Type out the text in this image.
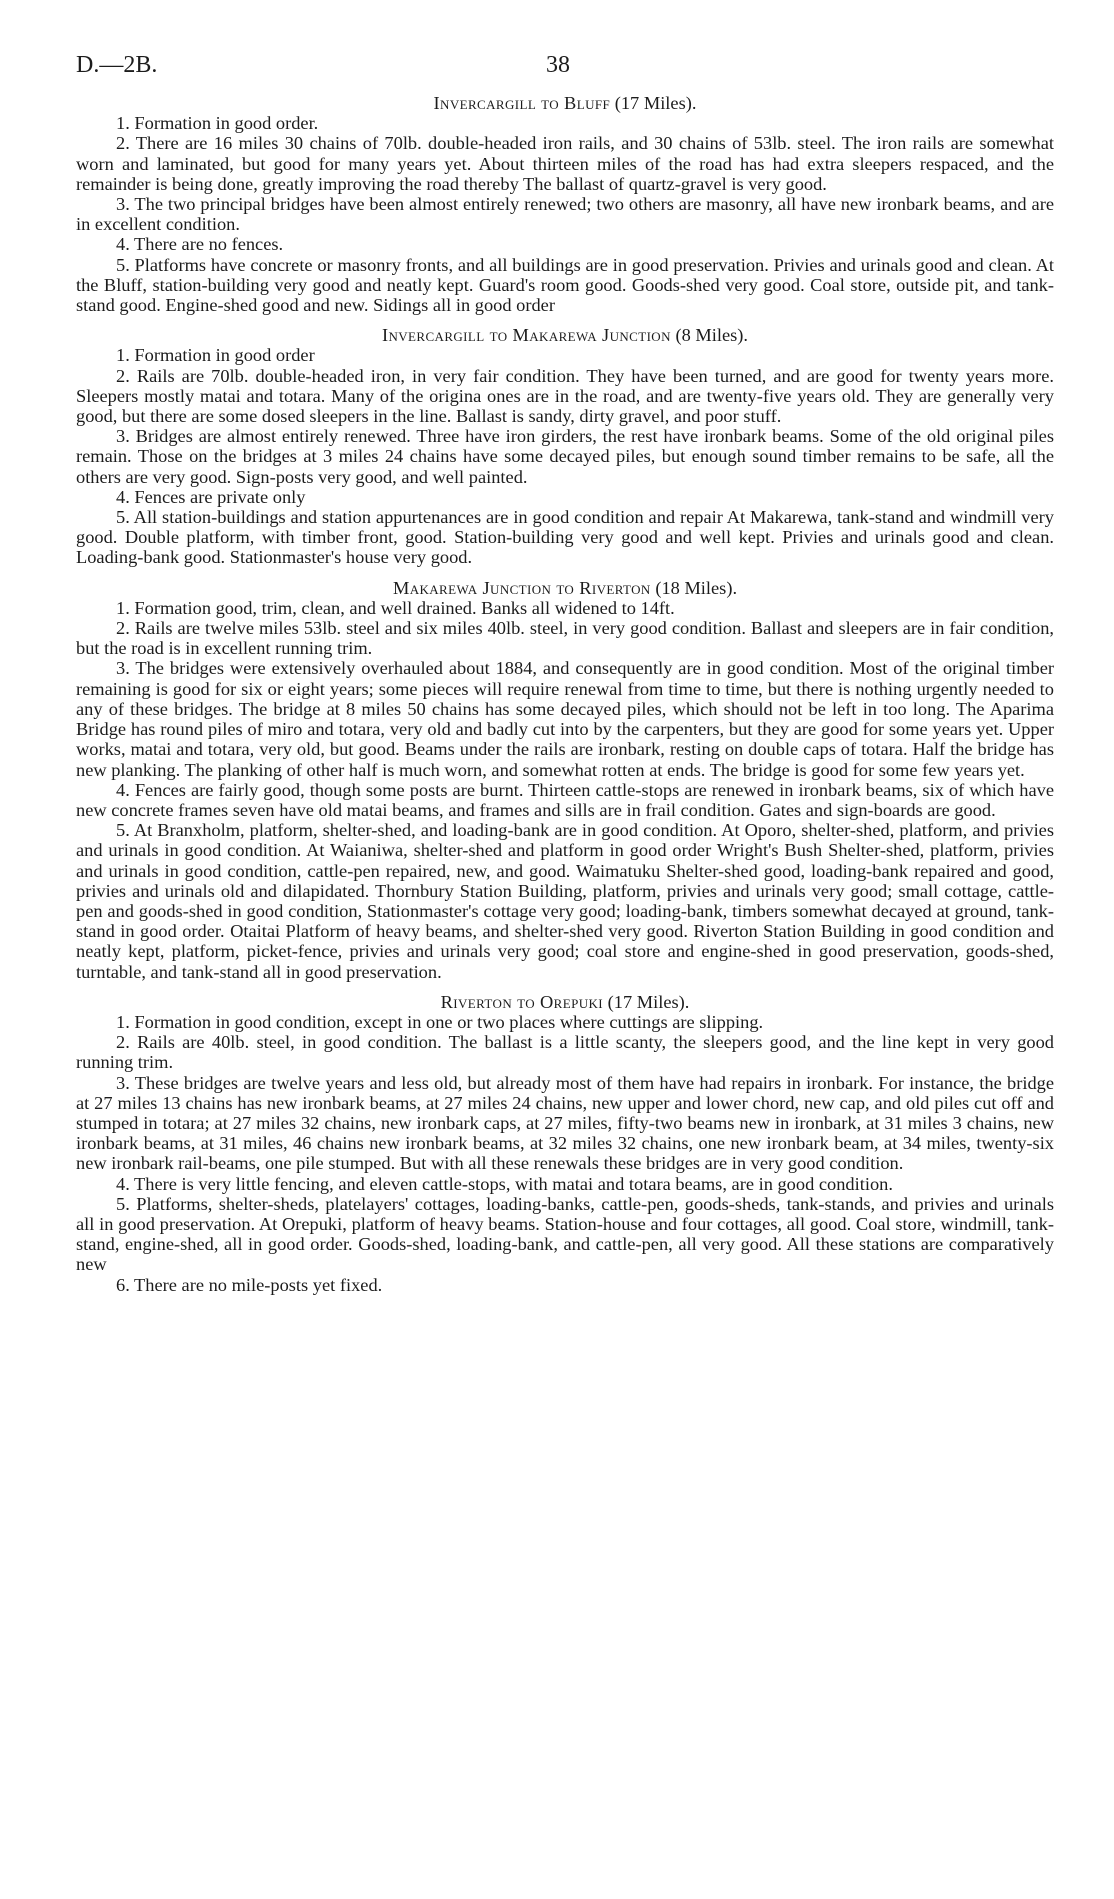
D.—2B.	38
Invercargill to Bluff (17 Miles).

1. Formation in good order.

2. There are 16 miles 30 chains of 70lb. double-headed iron rails, and 30 chains of 53lb. steel. The iron rails are somewhat worn and laminated, but good for many years yet. About thirteen miles of the road has had extra sleepers respaced, and the remainder is being done, greatly improving the road thereby The ballast of quartz-gravel is very good.

3. The two principal bridges have been almost entirely renewed; two others are masonry, all have new ironbark beams, and are in excellent condition.

4. There are no fences.

5. Platforms have concrete or masonry fronts, and all buildings are in good preservation. Privies and urinals good and clean. At the Bluff, station-building very good and neatly kept. Guard's room good. Goods-shed very good. Coal store, outside pit, and tank-stand good. Engine-shed good and new. Sidings all in good order

Invercargill to Makarewa Junction (8 Miles).

1. Formation in good order

2. Rails are 70lb. double-headed iron, in very fair condition. They have been turned, and are good for twenty years more. Sleepers mostly matai and totara. Many of the origina ones are in the road, and are twenty-five years old. They are generally very good, but there are some dosed sleepers in the line. Ballast is sandy, dirty gravel, and poor stuff.

3. Bridges are almost entirely renewed. Three have iron girders, the rest have ironbark beams. Some of the old original piles remain. Those on the bridges at 3 miles 24 chains have some decayed piles, but enough sound timber remains to be safe, all the others are very good. Sign-posts very good, and well painted.

4. Fences are private only

5. All station-buildings and station appurtenances are in good condition and repair At Makarewa, tank-stand and windmill very good. Double platform, with timber front, good. Station-building very good and well kept. Privies and urinals good and clean. Loading-bank good. Stationmaster's house very good.

Makarewa Junction to Riverton (18 Miles).

1. Formation good, trim, clean, and well drained. Banks all widened to 14ft.

2. Rails are twelve miles 53lb. steel and six miles 40lb. steel, in very good condition. Ballast and sleepers are in fair condition, but the road is in excellent running trim.

3. The bridges were extensively overhauled about 1884, and consequently are in good condition. Most of the original timber remaining is good for six or eight years; some pieces will require renewal from time to time, but there is nothing urgently needed to any of these bridges. The bridge at 8 miles 50 chains has some decayed piles, which should not be left in too long. The Aparima Bridge has round piles of miro and totara, very old and badly cut into by the carpenters, but they are good for some years yet. Upper works, matai and totara, very old, but good. Beams under the rails are ironbark, resting on double caps of totara. Half the bridge has new planking. The planking of other half is much worn, and somewhat rotten at ends. The bridge is good for some few years yet.

4. Fences are fairly good, though some posts are burnt. Thirteen cattle-stops are renewed in ironbark beams, six of which have new concrete frames seven have old matai beams, and frames and sills are in frail condition. Gates and sign-boards are good.

5. At Branxholm, platform, shelter-shed, and loading-bank are in good condition. At Oporo, shelter-shed, platform, and privies and urinals in good condition. At Waianiwa, shelter-shed and platform in good order Wright's Bush Shelter-shed, platform, privies and urinals in good condition, cattle-pen repaired, new, and good. Waimatuku Shelter-shed good, loading-bank repaired and good, privies and urinals old and dilapidated. Thornbury Station Building, platform, privies and urinals very good; small cottage, cattle-pen and goods-shed in good condition, Stationmaster's cottage very good; loading-bank, timbers somewhat decayed at ground, tank-stand in good order. Otaitai Platform of heavy beams, and shelter-shed very good. Riverton Station Building in good condition and neatly kept, platform, picket-fence, privies and urinals very good; coal store and engine-shed in good preservation, goods-shed, turntable, and tank-stand all in good preservation.

Riverton to Orepuki (17 Miles).

1. Formation in good condition, except in one or two places where cuttings are slipping.

2. Rails are 40lb. steel, in good condition. The ballast is a little scanty, the sleepers good, and the line kept in very good running trim.

3. These bridges are twelve years and less old, but already most of them have had repairs in ironbark. For instance, the bridge at 27 miles 13 chains has new ironbark beams, at 27 miles 24 chains, new upper and lower chord, new cap, and old piles cut off and stumped in totara; at 27 miles 32 chains, new ironbark caps, at 27 miles, fifty-two beams new in ironbark, at 31 miles 3 chains, new ironbark beams, at 31 miles, 46 chains new ironbark beams, at 32 miles 32 chains, one new ironbark beam, at 34 miles, twenty-six new ironbark rail-beams, one pile stumped. But with all these renewals these bridges are in very good condition.

4. There is very little fencing, and eleven cattle-stops, with matai and totara beams, are in good condition.

5. Platforms, shelter-sheds, platelayers' cottages, loading-banks, cattle-pen, goods-sheds, tank-stands, and privies and urinals all in good preservation. At Orepuki, platform of heavy beams. Station-house and four cottages, all good. Coal store, windmill, tank-stand, engine-shed, all in good order. Goods-shed, loading-bank, and cattle-pen, all very good. All these stations are comparatively new

6. There are no mile-posts yet fixed.
